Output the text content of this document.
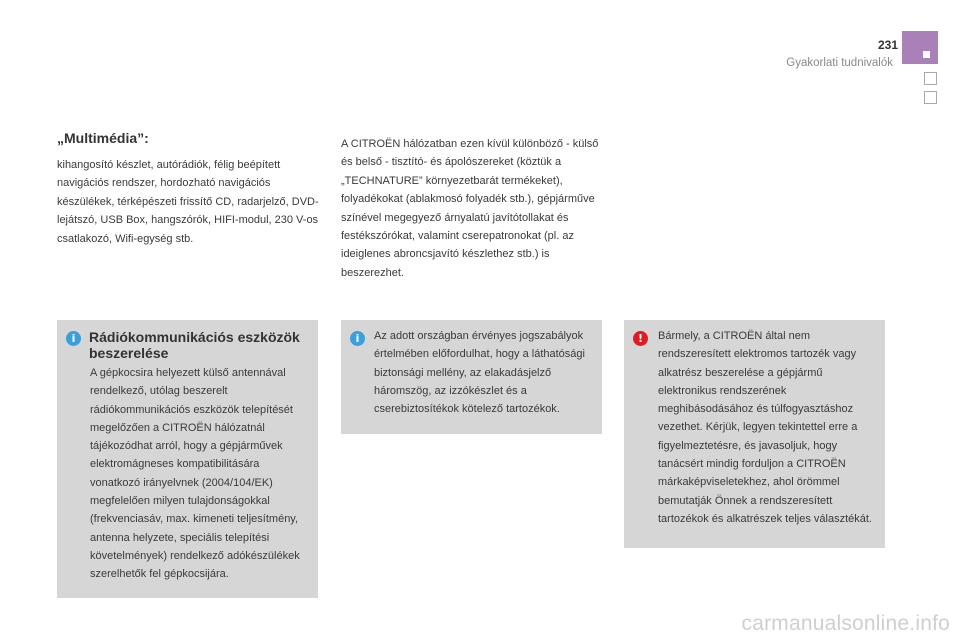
231
Gyakorlati tudnivalók
„Multimédia”:

kihangosító készlet, autórádiók, félig beépített navigációs rendszer, hordozható navigációs készülékek, térképészeti frissítő CD, radarjelző, DVD-lejátszó, USB Box, hangszórók, HIFI-modul, 230 V-os csatlakozó, Wifi-egység stb.

A CITROËN hálózatban ezen kívül különböző - külső és belső - tisztító- és ápolószereket (köztük a „TECHNATURE” környezetbarát termékeket), folyadékokat (ablakmosó folyadék stb.), gépjárműve színével megegyező árnyalatú javítótollakat és festékszórókat, valamint cserepatronokat (pl. az ideiglenes abroncsjavító készlethez stb.) is beszerezhet.

i Rádiókommunikációs eszközök beszerelése

A gépkocsira helyezett külső antennával rendelkező, utólag beszerelt rádiókommunikációs eszközök telepítését megelőzően a CITROËN hálózatnál tájékozódhat arról, hogy a gépjárművek elektromágneses kompatibilitására vonatkozó irányelvnek (2004/104/EK) megfelelően milyen tulajdonságokkal (frekvenciasáv, max. kimeneti teljesítmény, antenna helyzete, speciális telepítési követelmények) rendelkező adókészülékek szerelhetők fel gépkocsijára.

i	Az adott országban érvényes jogszabályok értelmében előfordulhat, hogy a láthatósági biztonsági mellény, az elakadásjelző háromszög, az izzókészlet és a cserebiztosítékok kötelező tartozékok.

!	Bármely, a CITROËN által nem rendszeresített elektromos tartozék vagy alkatrész beszerelése a gépjármű elektronikus rendszerének meghibásodásához és túlfogyasztáshoz vezethet. Kérjük, legyen tekintettel erre a figyelmeztetésre, és javasoljuk, hogy tanácsért mindig forduljon a CITROËN márkaképviseletekhez, ahol örömmel bemutatják Önnek a rendszeresített tartozékok és alkatrészek teljes választékát.

carmanualsonline.info
